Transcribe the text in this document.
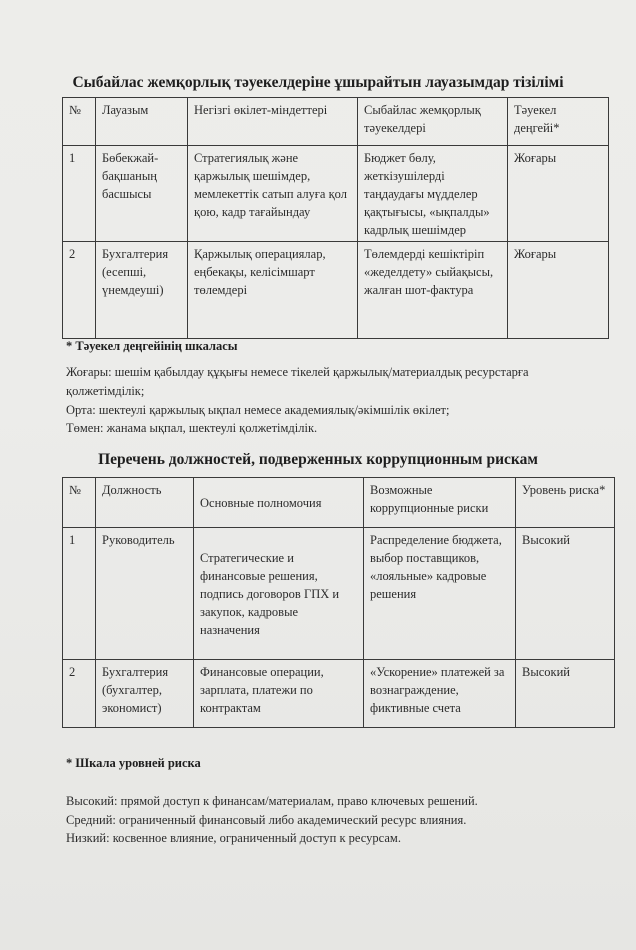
Сыбайлас жемқорлық тәуекелдеріне ұшырайтын лауазымдар тізілімі
№	Лауазым	Негізгі өкілет-міндеттері	Сыбайлас жемқорлық тәуекелдері	Тәуекел деңгейі*
1	Бөбекжай-бақшаның басшысы	Стратегиялық және қаржылық шешімдер, мемлекеттік сатып алуға қол қою, кадр тағайындау	Бюджет бөлу, жеткізушілерді таңдаудағы мүдделер қақтығысы, «ықпалды» кадрлық шешімдер	Жоғары
2	Бухгалтерия (есепші, үнемдеуші)	Қаржылық операциялар, еңбекақы, келісімшарт төлемдері	Төлемдерді кешіктіріп «жеделдету» сыйақысы, жалған шот-фактура	Жоғары
* Тәуекел деңгейінің шкаласы
Жоғары: шешім қабылдау құқығы немесе тікелей қаржылық/материалдық ресурстарға
қолжетімділік;
Орта: шектеулі қаржылық ықпал немесе академиялық/әкімшілік өкілет;
Төмен: жанама ықпал, шектеулі қолжетімділік.
Перечень должностей, подверженных коррупционным рискам
№	Должность	Основные полномочия	Возможные коррупционные риски	Уровень риска*
1	Руководитель	Стратегические и финансовые решения, подпись договоров ГПХ и закупок, кадровые назначения	Распределение бюджета, выбор поставщиков, «лояльные» кадровые решения	Высокий
2	Бухгалтерия (бухгалтер, экономист)	Финансовые операции, зарплата, платежи по контрактам	«Ускорение» платежей за вознаграждение, фиктивные счета	Высокий
* Шкала уровней риска
Высокий: прямой доступ к финансам/материалам, право ключевых решений.
Средний: ограниченный финансовый либо академический ресурс влияния.
Низкий: косвенное влияние, ограниченный доступ к ресурсам.
